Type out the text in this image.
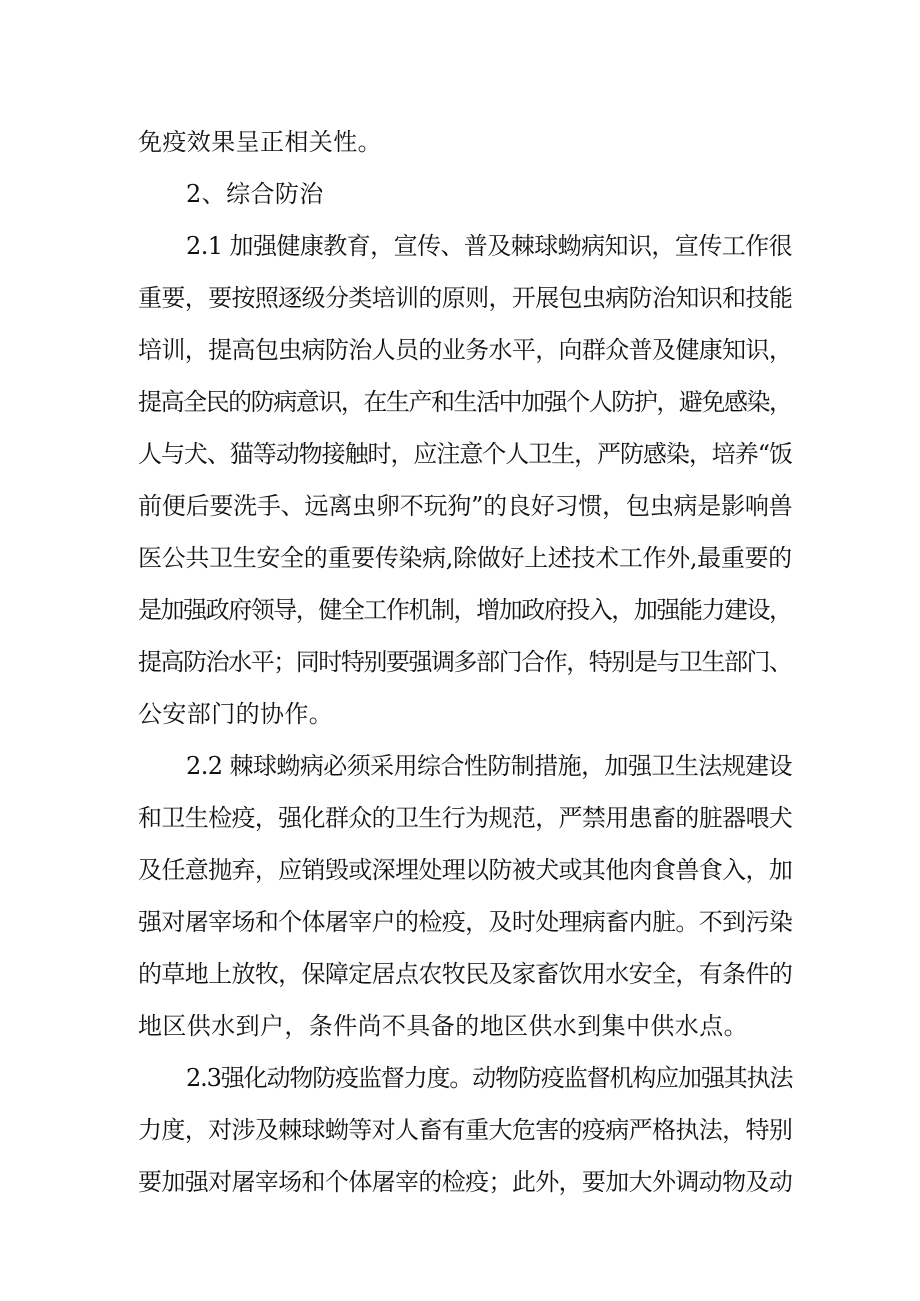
免疫效果呈正相关性。
2、综合防治
2.1 加强健康教育，宣传、普及棘球蚴病知识，宣传工作很
重要，要按照逐级分类培训的原则，开展包虫病防治知识和技能
培训，提高包虫病防治人员的业务水平，向群众普及健康知识，
提高全民的防病意识，在生产和生活中加强个人防护，避免感染，
人与犬、猫等动物接触时，应注意个人卫生，严防感染，培养“饭
前便后要洗手、远离虫卵不玩狗”的良好习惯，包虫病是影响兽
医公共卫生安全的重要传染病,除做好上述技术工作外,最重要的
是加强政府领导，健全工作机制，增加政府投入，加强能力建设，
提高防治水平；同时特别要强调多部门合作，特别是与卫生部门、
公安部门的协作。
2.2 棘球蚴病必须采用综合性防制措施，加强卫生法规建设
和卫生检疫，强化群众的卫生行为规范，严禁用患畜的脏器喂犬
及任意抛弃，应销毁或深埋处理以防被犬或其他肉食兽食入，加
强对屠宰场和个体屠宰户的检疫，及时处理病畜内脏。不到污染
的草地上放牧，保障定居点农牧民及家畜饮用水安全，有条件的
地区供水到户，条件尚不具备的地区供水到集中供水点。
2.3强化动物防疫监督力度。动物防疫监督机构应加强其执法
力度，对涉及棘球蚴等对人畜有重大危害的疫病严格执法，特别
要加强对屠宰场和个体屠宰的检疫；此外，要加大外调动物及动
